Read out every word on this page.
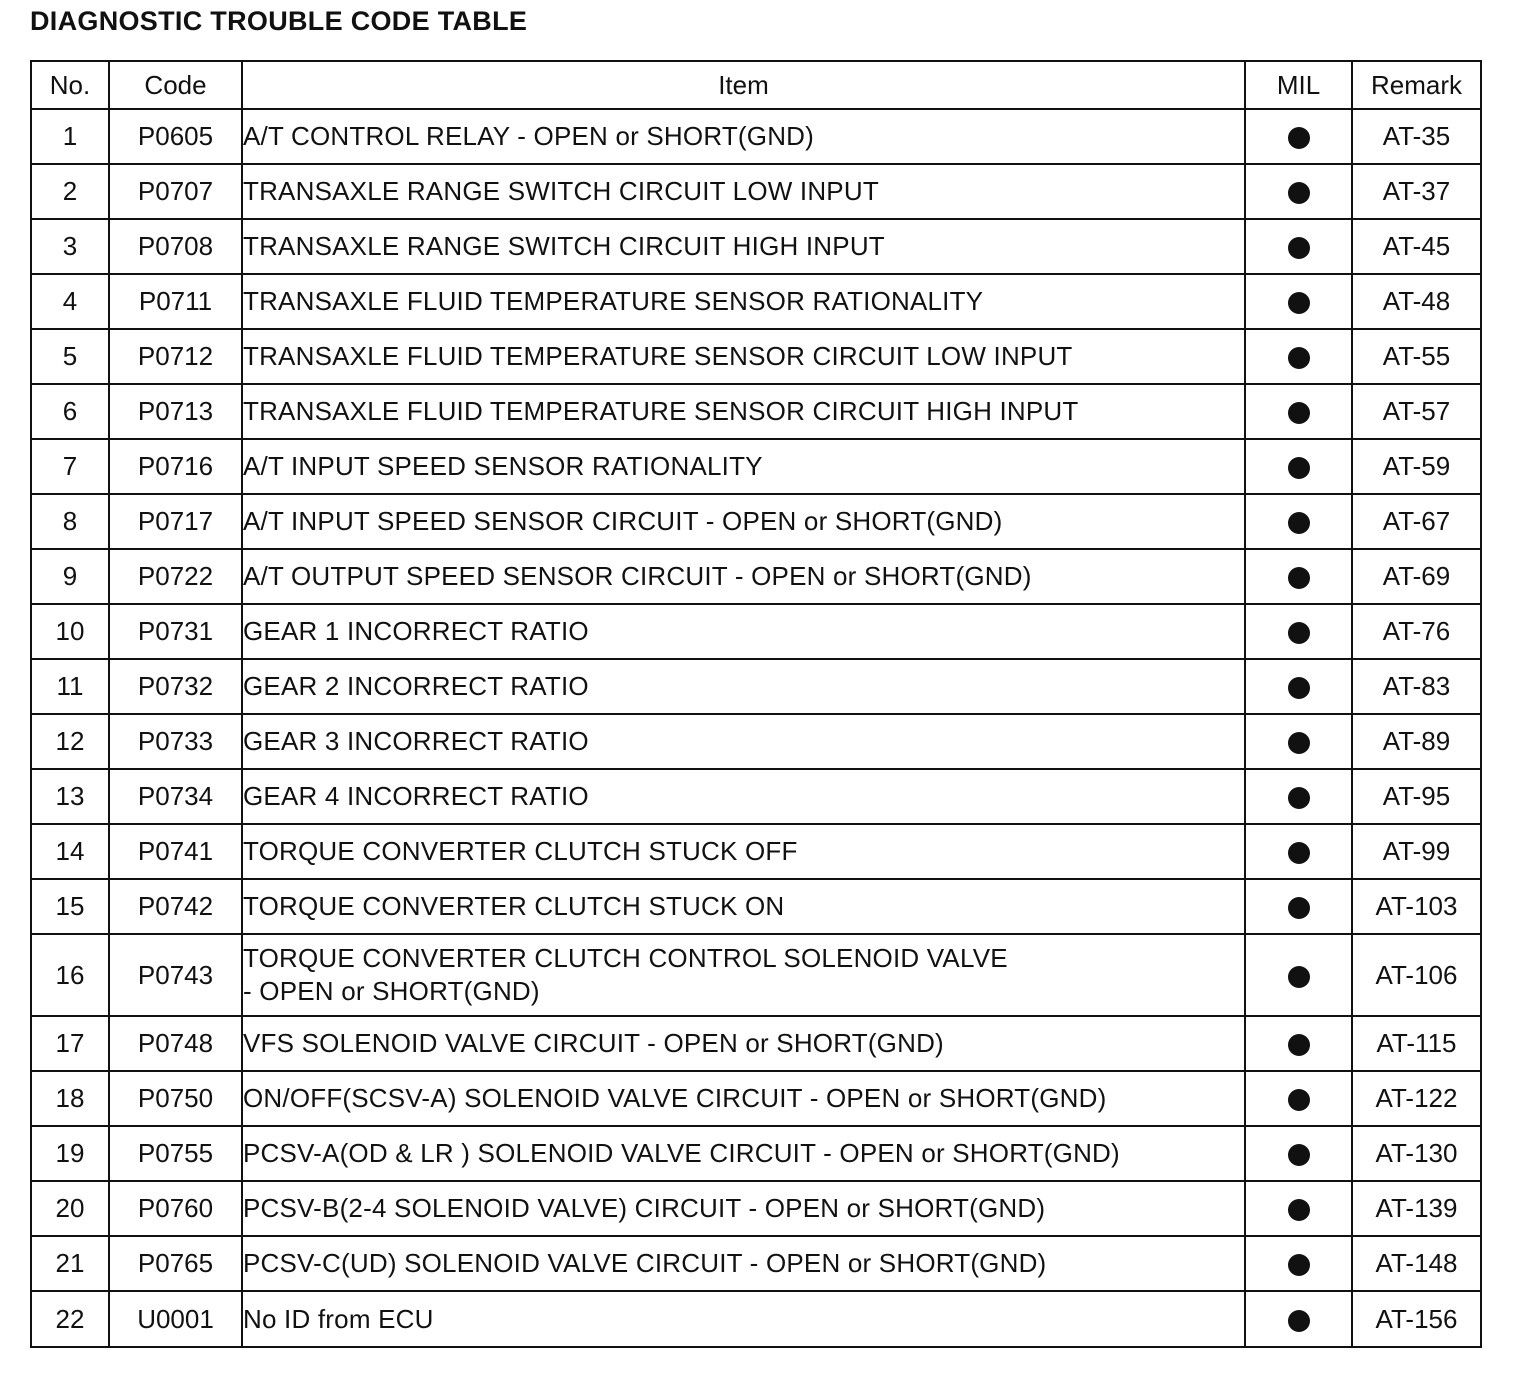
DIAGNOSTIC TROUBLE CODE TABLE
No.	Code	Item	MIL	Remark
1	P0605	A/T CONTROL RELAY - OPEN or SHORT(GND)		AT-35
2	P0707	TRANSAXLE RANGE SWITCH CIRCUIT LOW INPUT		AT-37
3	P0708	TRANSAXLE RANGE SWITCH CIRCUIT HIGH INPUT		AT-45
4	P0711	TRANSAXLE FLUID TEMPERATURE SENSOR RATIONALITY		AT-48
5	P0712	TRANSAXLE FLUID TEMPERATURE SENSOR CIRCUIT LOW INPUT		AT-55
6	P0713	TRANSAXLE FLUID TEMPERATURE SENSOR CIRCUIT HIGH INPUT		AT-57
7	P0716	A/T INPUT SPEED SENSOR RATIONALITY		AT-59
8	P0717	A/T INPUT SPEED SENSOR CIRCUIT - OPEN or SHORT(GND)		AT-67
9	P0722	A/T OUTPUT SPEED SENSOR CIRCUIT - OPEN or SHORT(GND)		AT-69
10	P0731	GEAR 1 INCORRECT RATIO		AT-76
11	P0732	GEAR 2 INCORRECT RATIO		AT-83
12	P0733	GEAR 3 INCORRECT RATIO		AT-89
13	P0734	GEAR 4 INCORRECT RATIO		AT-95
14	P0741	TORQUE CONVERTER CLUTCH STUCK OFF		AT-99
15	P0742	TORQUE CONVERTER CLUTCH STUCK ON		AT-103
16	P0743	TORQUE CONVERTER CLUTCH CONTROL SOLENOID VALVE
- OPEN or SHORT(GND)		AT-106
17	P0748	VFS SOLENOID VALVE CIRCUIT - OPEN or SHORT(GND)		AT-115
18	P0750	ON/OFF(SCSV-A) SOLENOID VALVE CIRCUIT - OPEN or SHORT(GND)		AT-122
19	P0755	PCSV-A(OD & LR ) SOLENOID VALVE CIRCUIT - OPEN or SHORT(GND)		AT-130
20	P0760	PCSV-B(2-4 SOLENOID VALVE) CIRCUIT - OPEN or SHORT(GND)		AT-139
21	P0765	PCSV-C(UD) SOLENOID VALVE CIRCUIT - OPEN or SHORT(GND)		AT-148
22	U0001	No ID from ECU		AT-156
